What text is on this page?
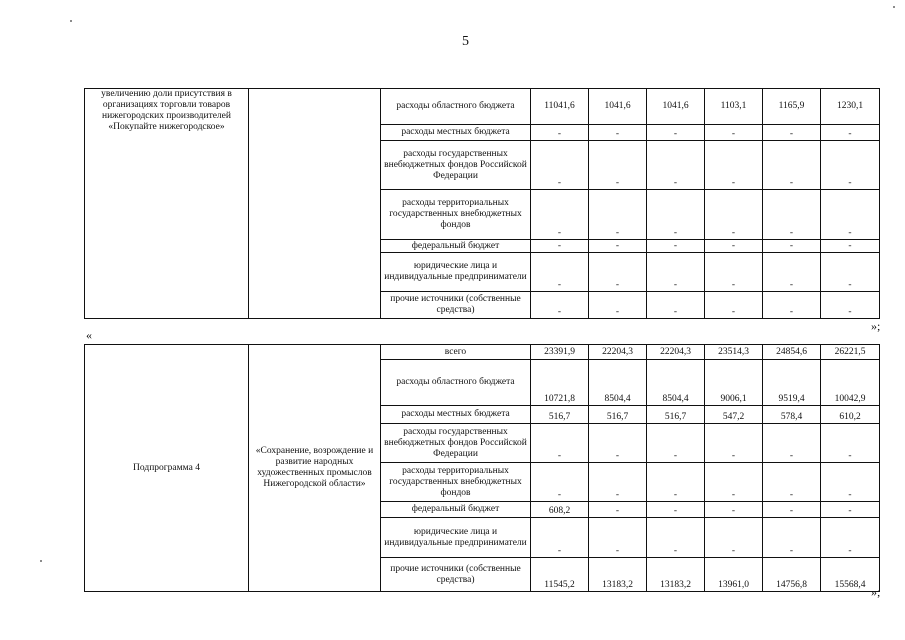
5
увеличению доли присутствия в организациях торговли товаров нижегородских производителей «Покупайте нижегородское»		расходы областного бюджета	11041,6	1041,6	1041,6	1103,1	1165,9	1230,1
		расходы местных бюджета	-	-	-	-	-	-
		расходы государственных внебюджетных фондов Российской Федерации	-	-	-	-	-	-
		расходы территориальных государственных внебюджетных фондов	-	-	-	-	-	-
		федеральный бюджет	-	-	-	-	-	-
		юридические лица и индивидуальные предприниматели	-	-	-	-	-	-
		прочие источники (собственные средства)	-	-	-	-	-	-
»;
«
Подпрограмма 4	«Сохранение, возрождение и развитие народных художественных промыслов Нижегородской области»	всего	23391,9	22204,3	22204,3	23514,3	24854,6	26221,5
		расходы областного бюджета	10721,8	8504,4	8504,4	9006,1	9519,4	10042,9
		расходы местных бюджета	516,7	516,7	516,7	547,2	578,4	610,2
		расходы государственных внебюджетных фондов Российской Федерации	-	-	-	-	-	-
		расходы территориальных государственных внебюджетных фондов	-	-	-	-	-	-
		федеральный бюджет	608,2	-	-	-	-	-
		юридические лица и индивидуальные предприниматели	-	-	-	-	-	-
		прочие источники (собственные средства)	11545,2	13183,2	13183,2	13961,0	14756,8	15568,4 »;
